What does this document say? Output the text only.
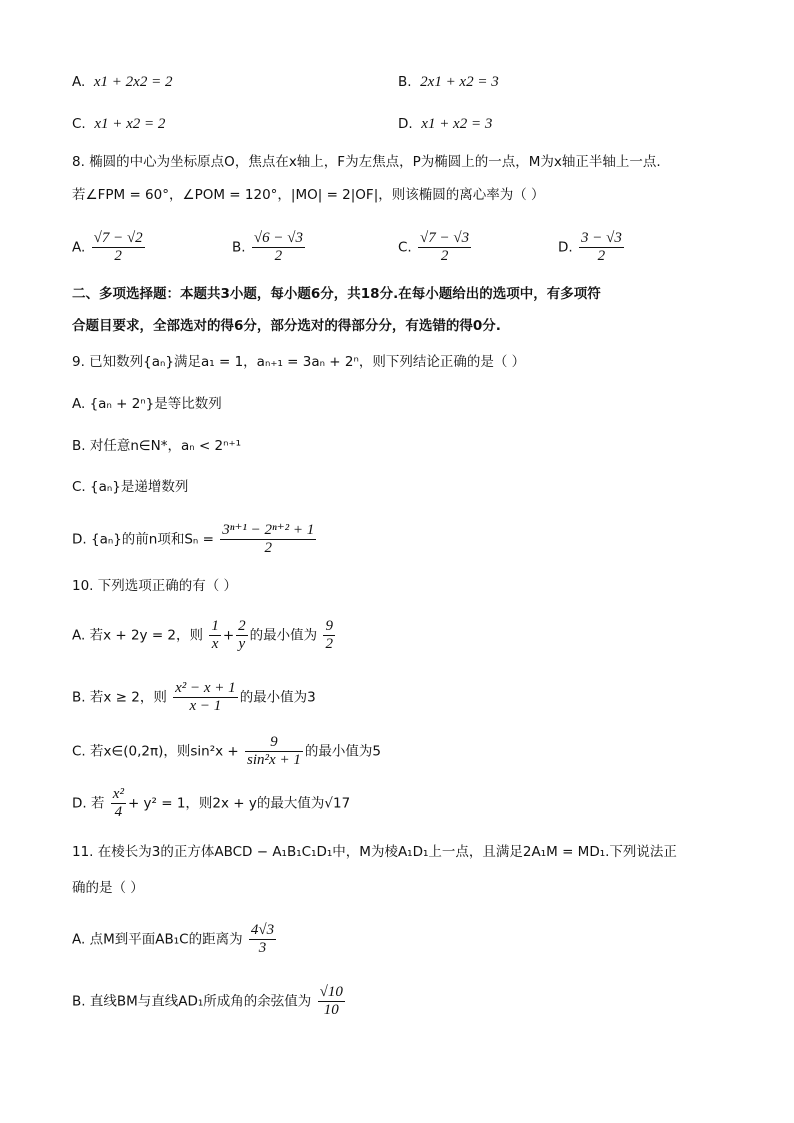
A. x1 + 2x2 = 2	B. 2x1 + x2 = 3
C. x1 + x2 = 2	D. x1 + x2 = 3
8. 椭圆的中心为坐标原点O，焦点在x轴上，F为左焦点，P为椭圆上的一点，M为x轴正半轴上一点.
若∠FPM = 60°，∠POM = 120°，|MO| = 2|OF|，则该椭圆的离心率为（ ）
A. $\frac{√7 - √2}{2}$	B. $\frac{√6 - √3}{2}$	C. $\frac{√7 - √3}{2}$	D. $\frac{3 - √3}{2}$
二、多项选择题：本题共3小题，每小题6分，共18分.在每小题给出的选项中，有多项符
合题目要求，全部选对的得6分，部分选对的得部分分，有选错的得0分.
9. 已知数列{aₙ}满足a₁ = 1，aₙ₊₁ = 3aₙ + 2ⁿ，则下列结论正确的是（ ）
A. {aₙ + 2ⁿ}是等比数列
B. 对任意n∈N*，aₙ < 2ⁿ⁺¹
C. {aₙ}是递增数列
D. {aₙ}的前n项和$S_n = \frac{\text{3ⁿ⁺¹ − 2ⁿ⁺² + 1}}{2}$
10. 下列选项正确的有（ ）
A. 若x + 2y = 2，则 $\frac{1}{x} + \frac{2}{y}$ 的最小值为 $\frac{9}{2}$
B. 若x ≥ 2，则 $\frac{\text{x² − x + 1}}{x - 1}$ 的最小值为3
C. 若x∈(0,2π)，则$\sin^2x + \frac{9}{\text{sin²x + 1}}$ 的最小值为5
D. 若 $\frac{\text{x²}}{4} + y^2 = 1$，则2x + y的最大值为√17
11. 在棱长为3的正方体ABCD − A₁B₁C₁D₁中，M为棱A₁D₁上一点，且满足2A₁M = MD₁.下列说法正
确的是（ ）
A. 点M到平面AB₁C的距离为 $\frac{4√3}{3}$
B. 直线BM与直线AD₁所成角的余弦值为 $\frac{√10}{10}$
